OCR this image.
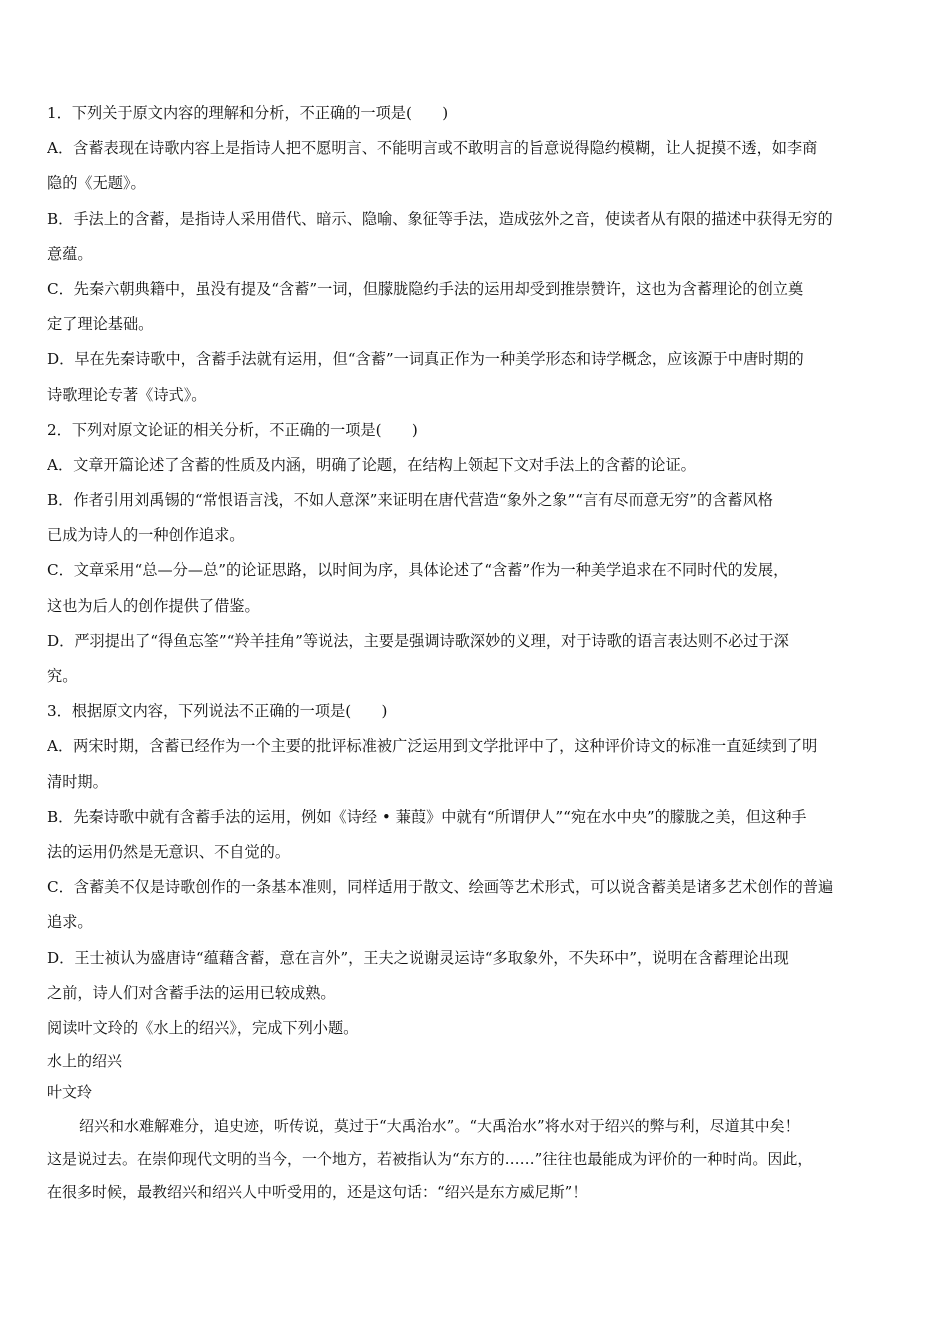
1．下列关于原文内容的理解和分析，不正确的一项是(　　)
A．含蓄表现在诗歌内容上是指诗人把不愿明言、不能明言或不敢明言的旨意说得隐约模糊，让人捉摸不透，如李商
隐的《无题》。
B．手法上的含蓄，是指诗人采用借代、暗示、隐喻、象征等手法，造成弦外之音，使读者从有限的描述中获得无穷的
意蕴。
C．先秦六朝典籍中，虽没有提及“含蓄”一词，但朦胧隐约手法的运用却受到推崇赞许，这也为含蓄理论的创立奠
定了理论基础。
D．早在先秦诗歌中，含蓄手法就有运用，但“含蓄”一词真正作为一种美学形态和诗学概念，应该源于中唐时期的
诗歌理论专著《诗式》。
2．下列对原文论证的相关分析，不正确的一项是(　　)
A．文章开篇论述了含蓄的性质及内涵，明确了论题，在结构上领起下文对手法上的含蓄的论证。
B．作者引用刘禹锡的“常恨语言浅，不如人意深”来证明在唐代营造“象外之象”“言有尽而意无穷”的含蓄风格
已成为诗人的一种创作追求。
C．文章采用“总—分—总”的论证思路，以时间为序，具体论述了“含蓄”作为一种美学追求在不同时代的发展，
这也为后人的创作提供了借鉴。
D．严羽提出了“得鱼忘筌”“羚羊挂角”等说法，主要是强调诗歌深妙的义理，对于诗歌的语言表达则不必过于深
究。
3．根据原文内容，下列说法不正确的一项是(　　)
A．两宋时期，含蓄已经作为一个主要的批评标准被广泛运用到文学批评中了，这种评价诗文的标准一直延续到了明
清时期。
B．先秦诗歌中就有含蓄手法的运用，例如《诗经 • 蒹葭》中就有“所谓伊人”“宛在水中央”的朦胧之美，但这种手
法的运用仍然是无意识、不自觉的。
C．含蓄美不仅是诗歌创作的一条基本准则，同样适用于散文、绘画等艺术形式，可以说含蓄美是诸多艺术创作的普遍
追求。
D．王士祯认为盛唐诗“蕴藉含蓄，意在言外”，王夫之说谢灵运诗“多取象外，不失环中”，说明在含蓄理论出现
之前，诗人们对含蓄手法的运用已较成熟。
阅读叶文玲的《水上的绍兴》，完成下列小题。
水上的绍兴
叶文玲
绍兴和水难解难分，追史迹，听传说，莫过于“大禹治水”。“大禹治水”将水对于绍兴的弊与利，尽道其中矣！
这是说过去。在崇仰现代文明的当今，一个地方，若被指认为“东方的……”往往也最能成为评价的一种时尚。因此，
在很多时候，最教绍兴和绍兴人中听受用的，还是这句话：“绍兴是东方威尼斯”！
